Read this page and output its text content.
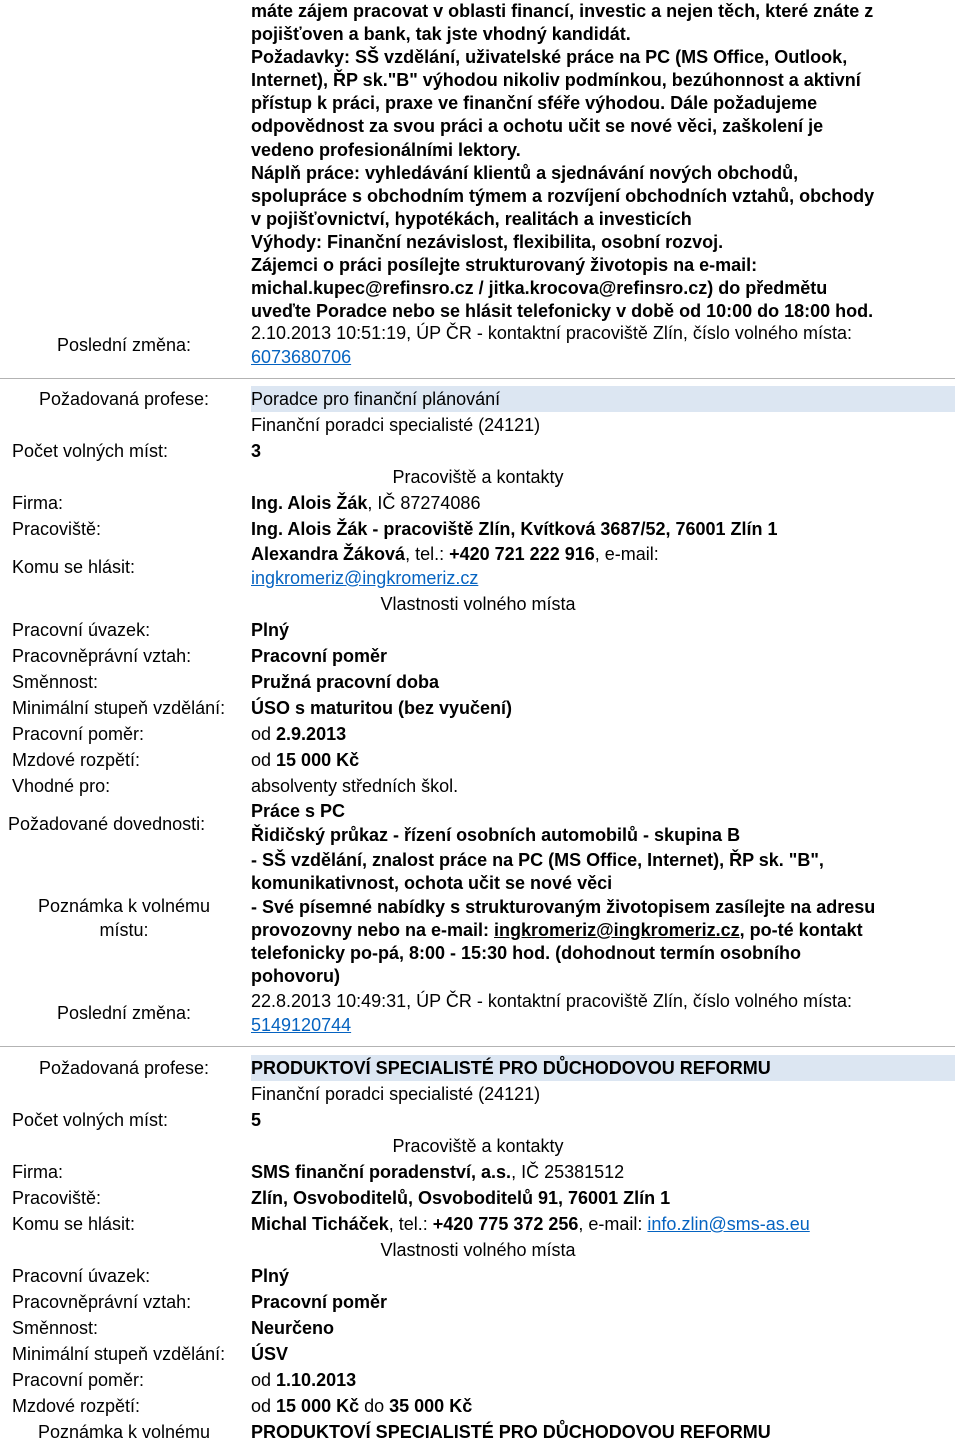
máte zájem pracovat v oblasti financí, investic a nejen těch, které znáte z
pojišťoven a bank, tak jste vhodný kandidát.
Požadavky: SŠ vzdělání, uživatelské práce na PC (MS Office, Outlook,
Internet), ŘP sk."B" výhodou nikoliv podmínkou, bezúhonnost a aktivní
přístup k práci, praxe ve finanční sféře výhodou. Dále požadujeme
odpovědnost za svou práci a ochotu učit se nové věci, zaškolení je
vedeno profesionálními lektory.
Náplň práce: vyhledávání klientů a sjednávání nových obchodů,
spolupráce s obchodním týmem a rozvíjení obchodních vztahů, obchody
v pojišťovnictví, hypotékách, realitách a investicích
Výhody: Finanční nezávislost, flexibilita, osobní rozvoj.
Zájemci o práci posílejte strukturovaný životopis na e-mail:
michal.kupec@refinsro.cz / jitka.krocova@refinsro.cz) do předmětu
uveďte Poradce nebo se hlásit telefonicky v době od 10:00 do 18:00 hod.
Poslední změna:
2.10.2013 10:51:19, ÚP ČR - kontaktní pracoviště Zlín, číslo volného místa:
6073680706
Požadovaná profese:	Poradce pro finanční plánování
Finanční poradci specialisté (24121)
Počet volných míst:	3
Pracoviště a kontakty
Firma:	Ing. Alois Žák, IČ 87274086
Pracoviště:	Ing. Alois Žák - pracoviště Zlín, Kvítková 3687/52, 76001 Zlín 1
Komu se hlásit:
Alexandra Žáková, tel.: +420 721 222 916, e-mail:
ingkromeriz@ingkromeriz.cz
Vlastnosti volného místa
Pracovní úvazek:	Plný
Pracovněprávní vztah:	Pracovní poměr
Směnnost:	Pružná pracovní doba
Minimální stupeň vzdělání: ÚSO s maturitou (bez vyučení)
Pracovní poměr:	od 2.9.2013
Mzdové rozpětí:	od 15 000 Kč
Vhodné pro:	absolventy středních škol.
Požadované dovednosti:
Práce s PC
Řidičský průkaz - řízení osobních automobilů - skupina B
Poznámka k volnému
místu:
- SŠ vzdělání, znalost práce na PC (MS Office, Internet), ŘP sk. "B",
komunikativnost, ochota učit se nové věci
- Své písemné nabídky s strukturovaným životopisem zasílejte na adresu
provozovny nebo na e-mail: ingkromeriz@ingkromeriz.cz, po-té kontakt
telefonicky po-pá, 8:00 - 15:30 hod. (dohodnout termín osobního
pohovoru)
Poslední změna:
22.8.2013 10:49:31, ÚP ČR - kontaktní pracoviště Zlín, číslo volného místa:
5149120744
Požadovaná profese:	PRODUKTOVÍ SPECIALISTÉ PRO DŮCHODOVOU REFORMU
Finanční poradci specialisté (24121)
Počet volných míst:	5
Pracoviště a kontakty
Firma:	SMS finanční poradenství, a.s., IČ 25381512
Pracoviště:	Zlín, Osvoboditelů, Osvoboditelů 91, 76001 Zlín 1
Komu se hlásit:	Michal Ticháček, tel.: +420 775 372 256, e-mail: info.zlin@sms-as.eu
Vlastnosti volného místa
Pracovní úvazek:	Plný
Pracovněprávní vztah:	Pracovní poměr
Směnnost:	Neurčeno
Minimální stupeň vzdělání: ÚSV
Pracovní poměr:	od 1.10.2013
Mzdové rozpětí:	od 15 000 Kč do 35 000 Kč
Poznámka k volnému	PRODUKTOVÍ SPECIALISTÉ PRO DŮCHODOVOU REFORMU
